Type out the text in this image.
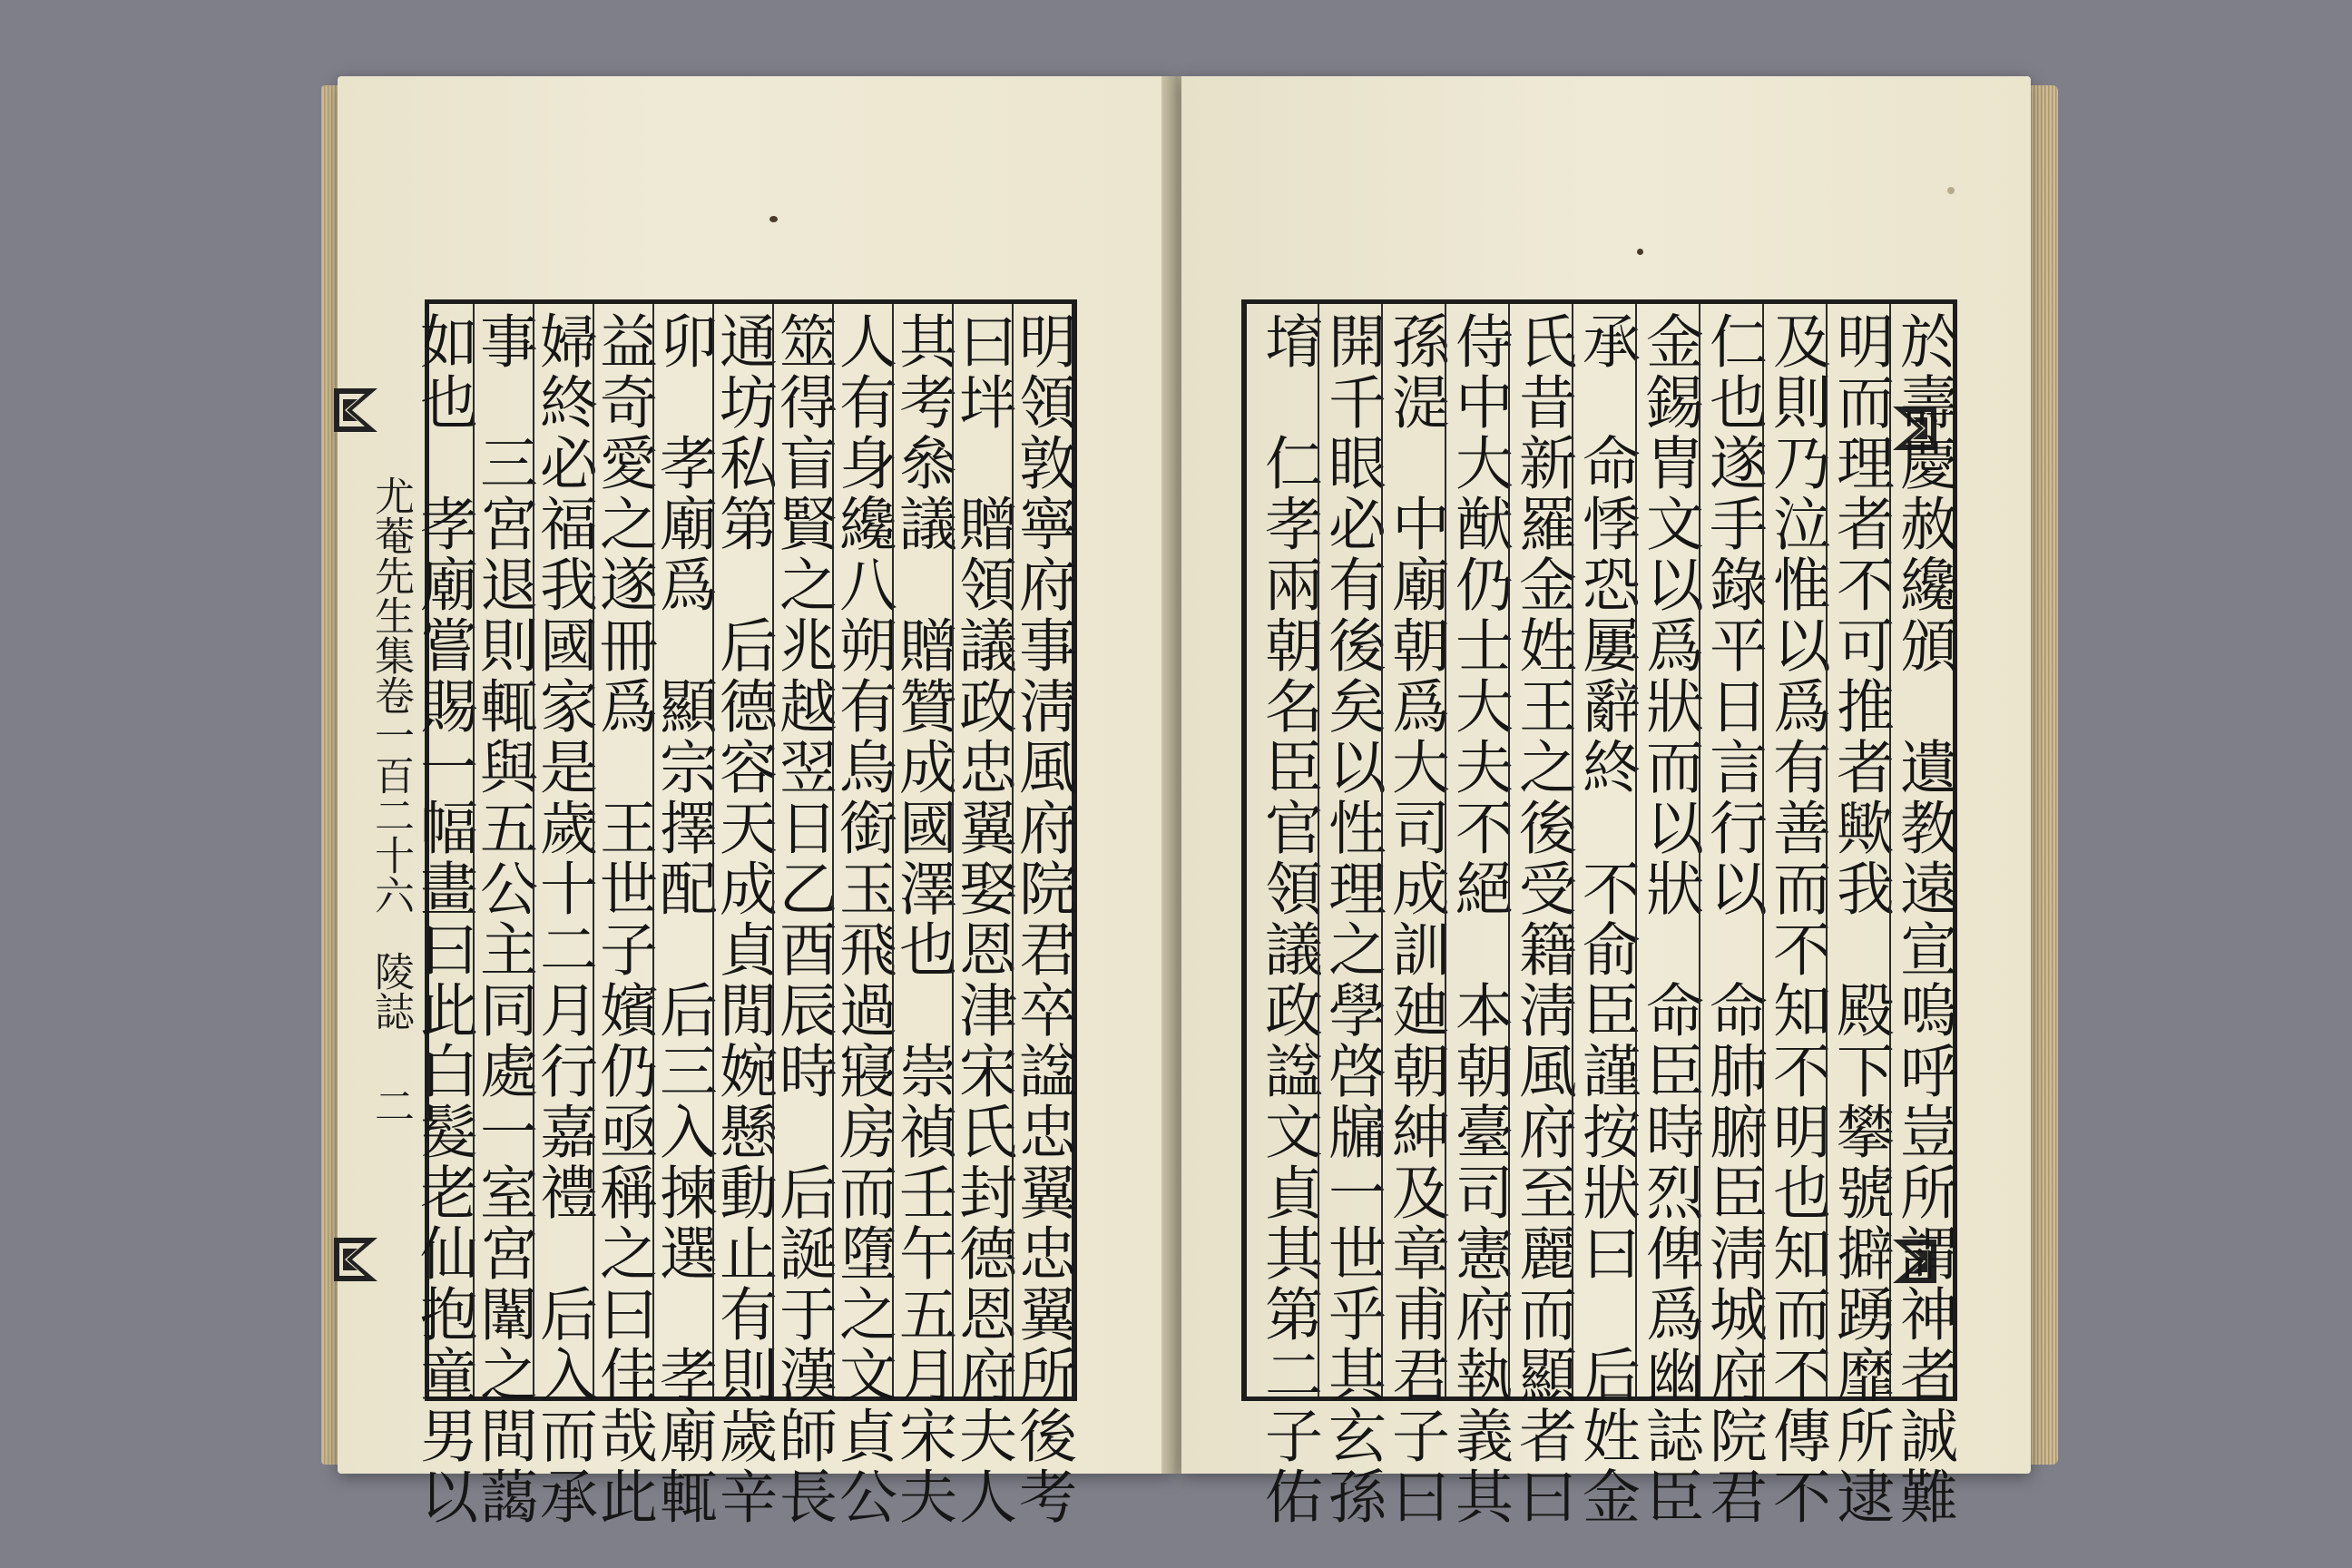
尤菴先生集卷一百二十六
陵誌
二	明領敦寧府事淸風府院君卒諡忠翼忠翼所後考
曰坢　贈領議政忠翼娶恩津宋氏封德恩府夫人
其考叅議　贈贊成國澤也　崇禎壬午五月宋夫
人有身纔八朔有烏銜玉飛過寢房而墮之文貞公
筮得盲賢之兆越翌日乙酉辰時　后誕于漢師長
通坊私第　后德容天成貞閒婉懸動止有則歲辛
卯　孝廟爲　顯宗擇配　后三入揀選　孝廟輒
益奇愛之遂冊爲　王世子嬪仍亟稱之曰佳哉此
婦終必福我國家是歲十二月行嘉禮　后入而承
事　三宮退則輒與五公主同處一室宮闈之間藹
如也　孝廟嘗賜一幅畫曰此白髮老仙抱童男以	於壽慶赦纔頒　遺教遠宣嗚呼豈所謂神者誠難
明而理者不可推者歟我　殿下攀號擗踴靡所逮
及則乃泣惟以爲有善而不知不明也知而不傳不
仁也遂手錄平日言行以　命肺腑臣淸城府院君
金錫胄文以爲狀而以狀　命臣時烈俾爲幽誌臣
承　命悸恐屢辭終　不俞臣謹按狀曰　后姓金
氏昔新羅金姓王之後受籍淸風府至麗而顯者曰
侍中大猷仍士大夫不絕　本朝臺司憲府執義其
孫湜　中廟朝爲大司成訓廸朝紳及章甫君子曰
開千眼必有後矣以性理之學啓牖一世乎其玄孫
堉　仁孝兩朝名臣官領議政諡文貞其第二子佑
